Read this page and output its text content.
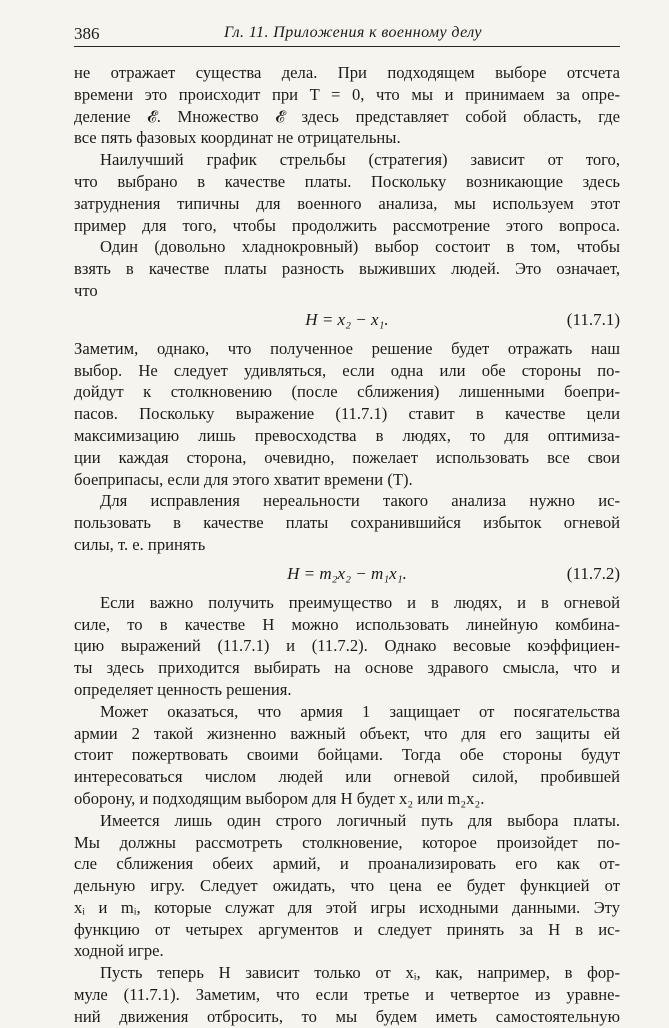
386	Гл. 11. Приложения к военному делу
не отражает существа дела. При подходящем выборе отсчета
времени это происходит при T = 0, что мы и принимаем за опре-
деление 𝓔. Множество 𝓔 здесь представляет собой область, где
все пять фазовых координат не отрицательны.
Наилучший график стрельбы (стратегия) зависит от того,
что выбрано в качестве платы. Поскольку возникающие здесь
затруднения типичны для военного анализа, мы используем этот
пример для того, чтобы продолжить рассмотрение этого вопроса.
Один (довольно хладнокровный) выбор состоит в том, чтобы
взять в качестве платы разность выживших людей. Это означает,
что
H = x₂ − x₁.	(11.7.1)
Заметим, однако, что полученное решение будет отражать наш
выбор. Не следует удивляться, если одна или обе стороны по-
дойдут к столкновению (после сближения) лишенными боепри-
пасов. Поскольку выражение (11.7.1) ставит в качестве цели
максимизацию лишь превосходства в людях, то для оптимиза-
ции каждая сторона, очевидно, пожелает использовать все свои
боеприпасы, если для этого хватит времени (T).
Для исправления нереальности такого анализа нужно ис-
пользовать в качестве платы сохранившийся избыток огневой
силы, т. е. принять
H = m₂x₂ − m₁x₁.	(11.7.2)
Если важно получить преимущество и в людях, и в огневой
силе, то в качестве H можно использовать линейную комбина-
цию выражений (11.7.1) и (11.7.2). Однако весовые коэффициен-
ты здесь приходится выбирать на основе здравого смысла, что и
определяет ценность решения.
Может оказаться, что армия 1 защищает от посягательства
армии 2 такой жизненно важный объект, что для его защиты ей
стоит пожертвовать своими бойцами. Тогда обе стороны будут
интересоваться числом людей или огневой силой, пробившей
оборону, и подходящим выбором для H будет x₂ или m₂x₂.
Имеется лишь один строго логичный путь для выбора платы.
Мы должны рассмотреть столкновение, которое произойдет по-
сле сближения обеих армий, и проанализировать его как от-
дельную игру. Следует ожидать, что цена ее будет функцией от
xᵢ и mᵢ, которые служат для этой игры исходными данными. Эту
функцию от четырех аргументов и следует принять за H в ис-
ходной игре.
Пусть теперь H зависит только от xᵢ, как, например, в фор-
муле (11.7.1). Заметим, что если третье и четвертое из уравне-
ний движения отбросить, то мы будем иметь самостоятельную
